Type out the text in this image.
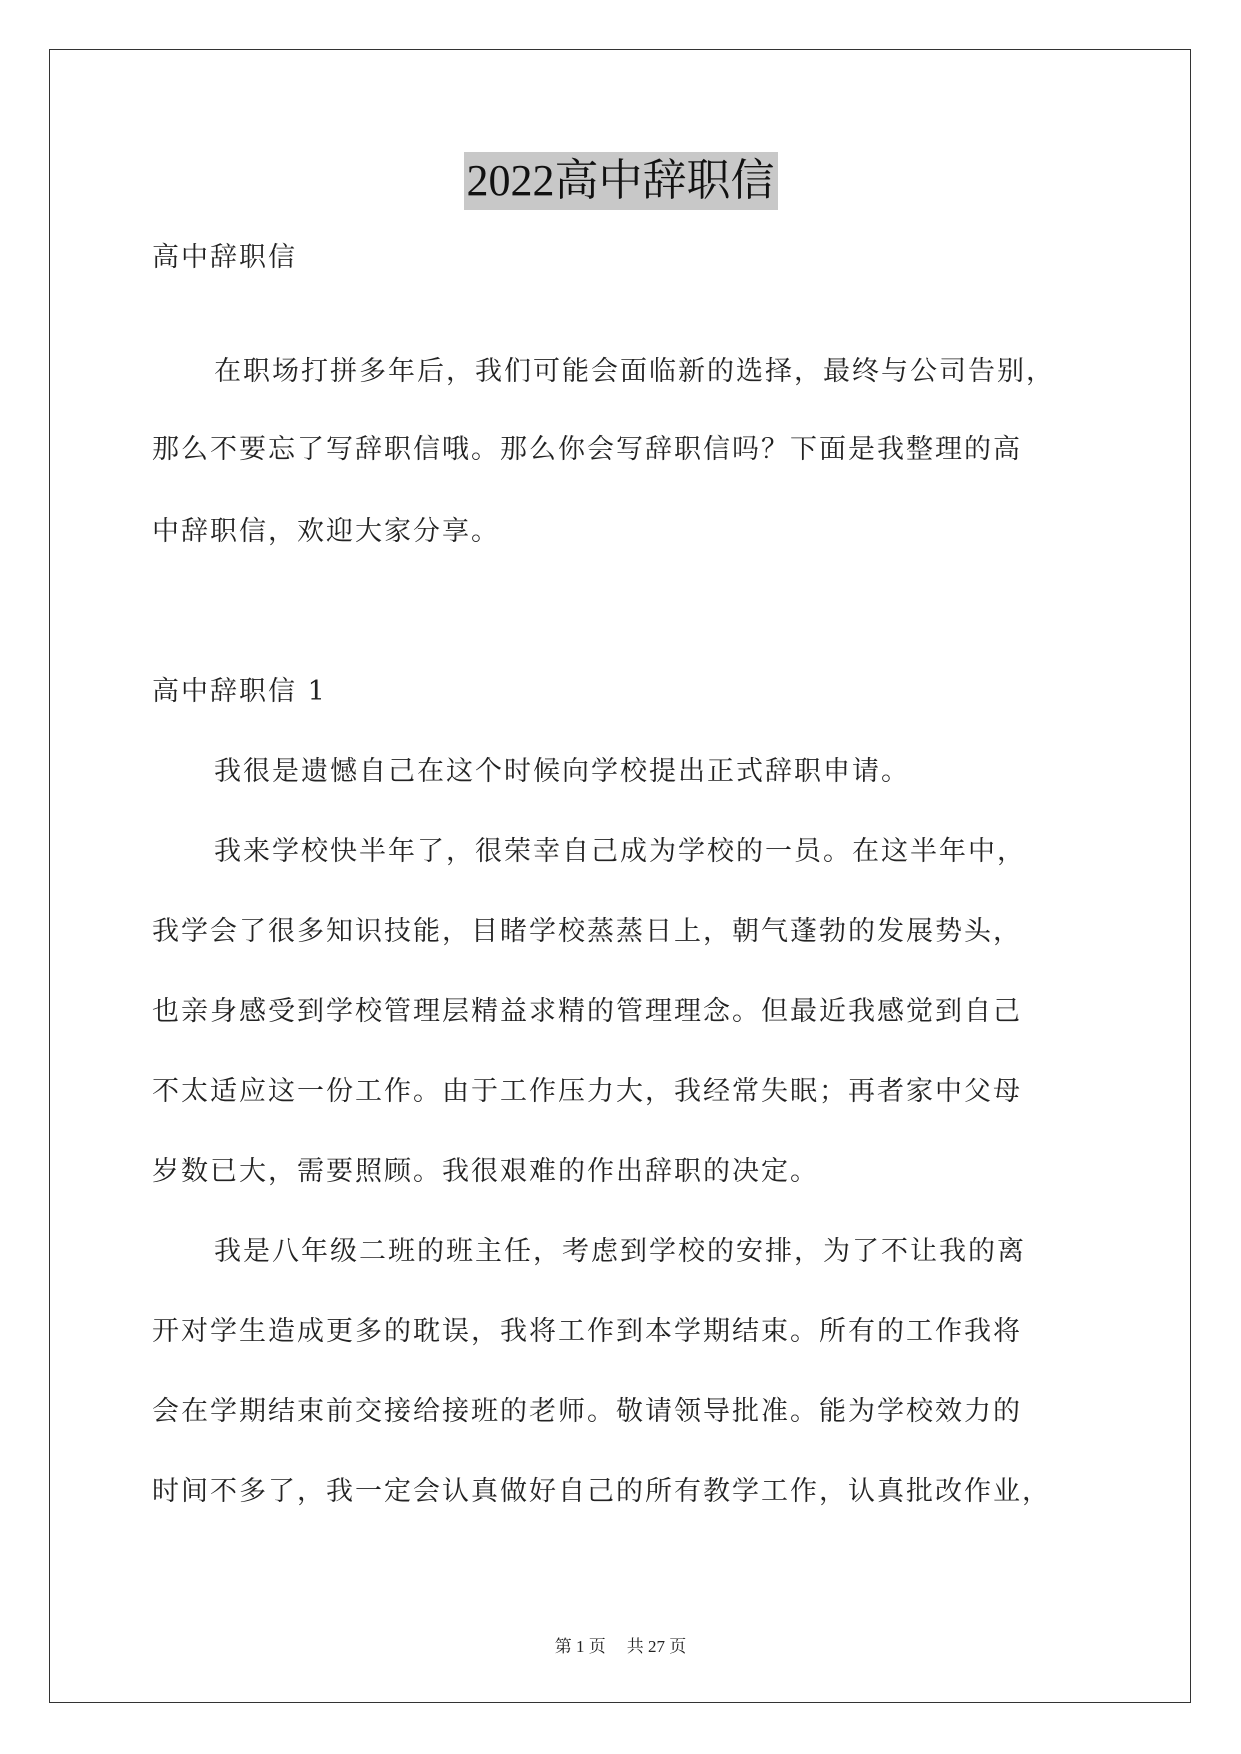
2022高中辞职信
高中辞职信
在职场打拼多年后，我们可能会面临新的选择，最终与公司告别，
那么不要忘了写辞职信哦。那么你会写辞职信吗？下面是我整理的高
中辞职信，欢迎大家分享。
高中辞职信 1
我很是遗憾自己在这个时候向学校提出正式辞职申请。
我来学校快半年了，很荣幸自己成为学校的一员。在这半年中，
我学会了很多知识技能，目睹学校蒸蒸日上，朝气蓬勃的发展势头，
也亲身感受到学校管理层精益求精的管理理念。但最近我感觉到自己
不太适应这一份工作。由于工作压力大，我经常失眠；再者家中父母
岁数已大，需要照顾。我很艰难的作出辞职的决定。
我是八年级二班的班主任，考虑到学校的安排，为了不让我的离
开对学生造成更多的耽误，我将工作到本学期结束。所有的工作我将
会在学期结束前交接给接班的老师。敬请领导批准。能为学校效力的
时间不多了，我一定会认真做好自己的所有教学工作，认真批改作业，
第 1 页 共 27 页
